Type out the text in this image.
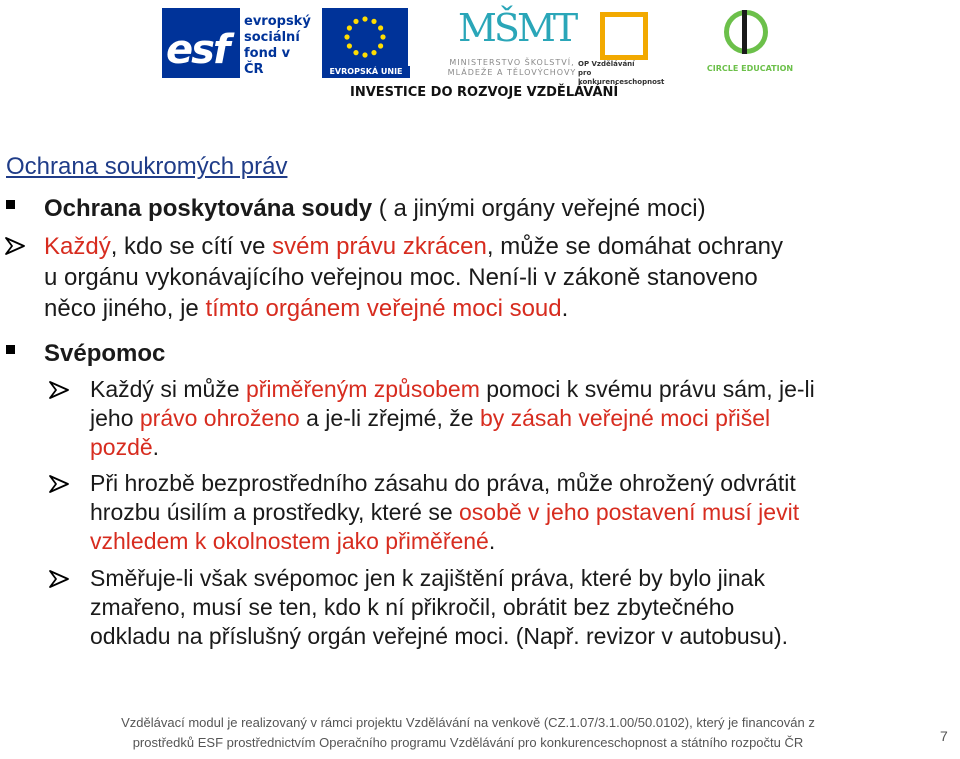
esf
evropský
sociální
fond v ČR	EVROPSKÁ UNIE
MŠMT
MINISTERSTVO ŠKOLSTVÍ,
MLÁDEŽE A TĚLOVÝCHOVY
OP Vzdělávání
pro konkurenceschopnost
CIRCLE EDUCATION
INVESTICE DO ROZVOJE VZDĚLÁVÁNÍ
Ochrana soukromých práv
Ochrana poskytována soudy ( a jinými orgány veřejné moci)
Každý, kdo se cítí ve svém právu zkrácen, může se domáhat ochrany
u orgánu vykonávajícího veřejnou moc. Není-li v zákoně stanoveno
něco jiného, je tímto orgánem veřejné moci soud.
Svépomoc
Každý si může přiměřeným způsobem pomoci k svému právu sám, je-li
jeho právo ohroženo a je-li zřejmé, že by zásah veřejné moci přišel
pozdě.
Při hrozbě bezprostředního zásahu do práva, může ohrožený odvrátit
hrozbu úsilím a prostředky, které se osobě v jeho postavení musí jevit
vzhledem k okolnostem jako přiměřené.
Směřuje-li však svépomoc jen k zajištění práva, které by bylo jinak
zmařeno, musí se ten, kdo k ní přikročil, obrátit bez zbytečného
odkladu na příslušný orgán veřejné moci. (Např. revizor v autobusu).
Vzdělávací modul je realizovaný v rámci projektu Vzdělávání na venkově (CZ.1.07/3.1.00/50.0102), který je financován z
prostředků ESF prostřednictvím Operačního programu Vzdělávání pro konkurenceschopnost a státního rozpočtu ČR	7
